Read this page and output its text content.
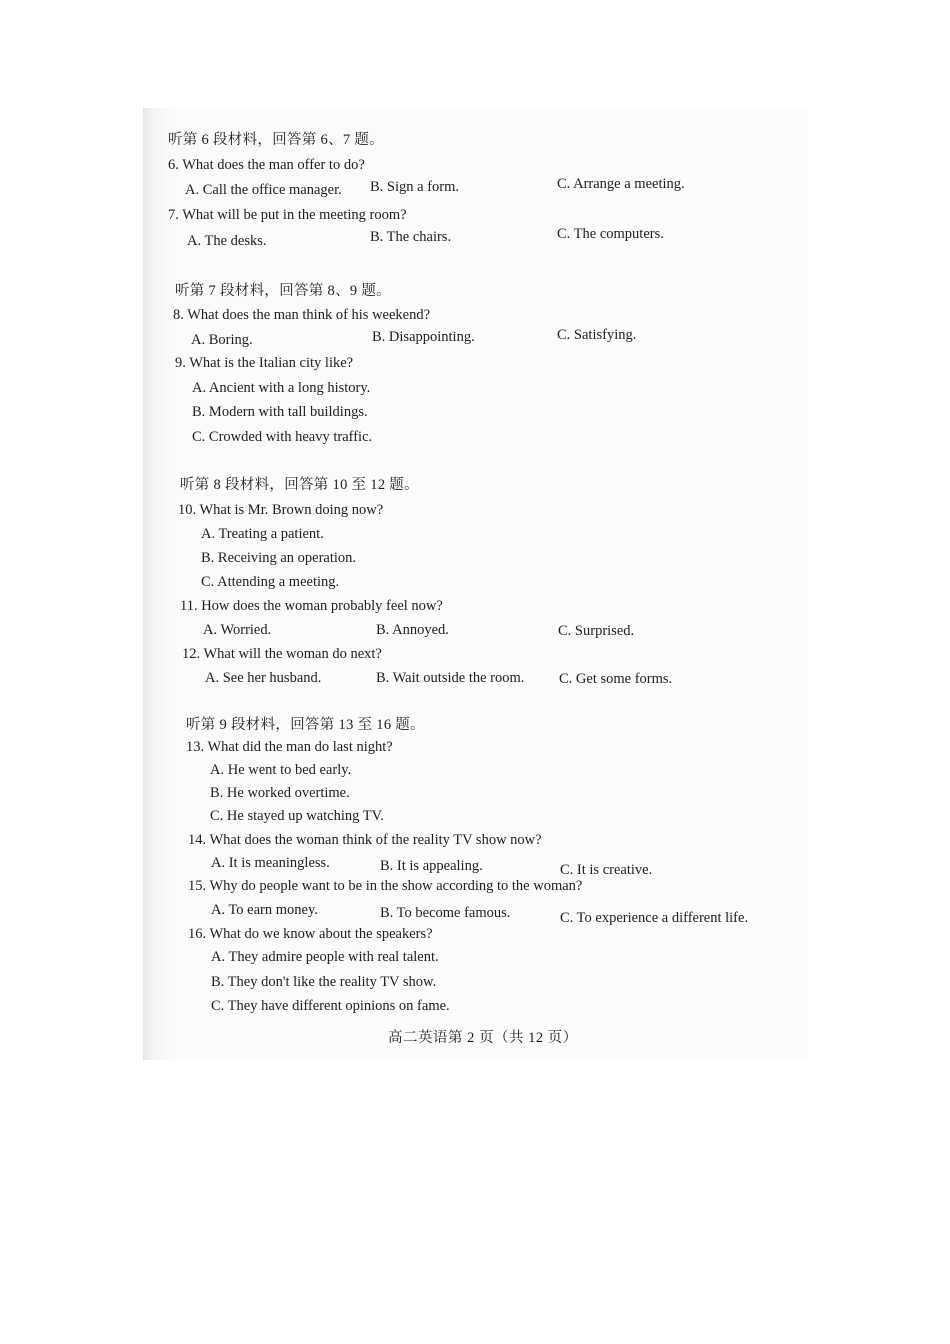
听第 6 段材料，回答第 6、7 题。
6. What does the man offer to do?
A. Call the office manager. B. Sign a form.	C. Arrange a meeting.
7. What will be put in the meeting room?
A. The desks.	B. The chairs.	C. The computers.
听第 7 段材料，回答第 8、9 题。
8. What does the man think of his weekend?
A. Boring.	B. Disappointing.	C. Satisfying.
9. What is the Italian city like?
A. Ancient with a long history.
B. Modern with tall buildings.
C. Crowded with heavy traffic.
听第 8 段材料，回答第 10 至 12 题。
10. What is Mr. Brown doing now?
A. Treating a patient.
B. Receiving an operation.
C. Attending a meeting.
11. How does the woman probably feel now?
A. Worried.	B. Annoyed.	C. Surprised.
12. What will the woman do next?
A. See her husband.	B. Wait outside the room. C. Get some forms.
听第 9 段材料，回答第 13 至 16 题。
13. What did the man do last night?
A. He went to bed early.
B. He worked overtime.
C. He stayed up watching TV.
14. What does the woman think of the reality TV show now?
A. It is meaningless.	B. It is appealing.	C. It is creative.
15. Why do people want to be in the show according to the woman?
A. To earn money.	B. To become famous.	C. To experience a different life.
16. What do we know about the speakers?
A. They admire people with real talent.
B. They don't like the reality TV show.
C. They have different opinions on fame.
高二英语第 2 页（共 12 页）
